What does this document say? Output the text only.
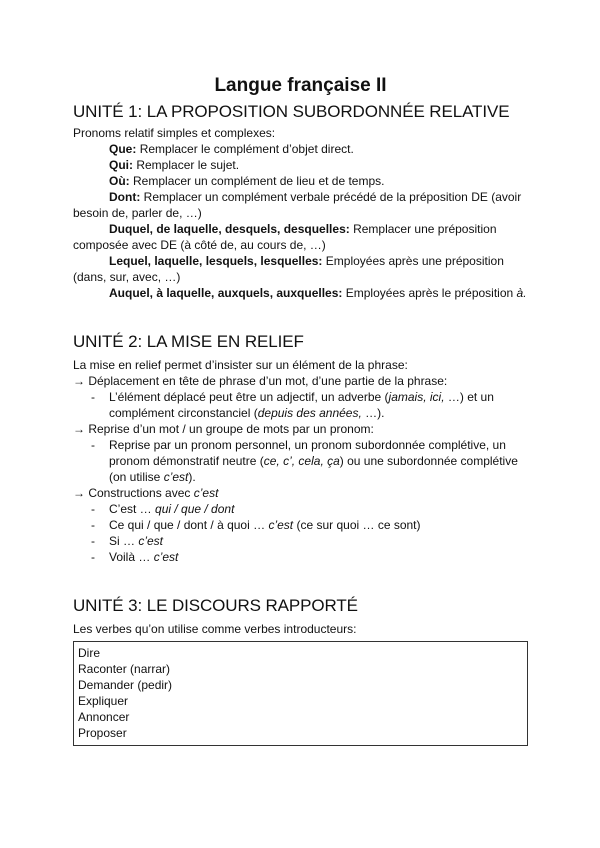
Langue française II
UNITÉ 1: LA PROPOSITION SUBORDONNÉE RELATIVE

Pronoms relatif simples et complexes:

Que: Remplacer le complément d’objet direct.

Qui: Remplacer le sujet.

Où: Remplacer un complément de lieu et de temps.

Dont: Remplacer un complément verbale précédé de la préposition DE (avoir besoin de, parler de, …)

Duquel, de laquelle, desquels, desquelles: Remplacer une préposition composée avec DE (à côté de, au cours de, …)

Lequel, laquelle, lesquels, lesquelles: Employées après une préposition (dans, sur, avec, …)

Auquel, à laquelle, auxquels, auxquelles: Employées après le préposition à.

UNITÉ 2: LA MISE EN RELIEF

La mise en relief permet d’insister sur un élément de la phrase:

→ Déplacement en tête de phrase d’un mot, d’une partie de la phrase:

- L’élément déplacé peut être un adjectif, un adverbe (jamais, ici, …) et un complément circonstanciel (depuis des années, …).

→ Reprise d’un mot / un groupe de mots par un pronom:

- Reprise par un pronom personnel, un pronom subordonnée complétive, un pronom démonstratif neutre (ce, c’, cela, ça) ou une subordonnée complétive (on utilise c’est).

→ Constructions avec c’est

- C’est … qui / que / dont
- Ce qui / que / dont / à quoi … c’est (ce sur quoi … ce sont)
- Si … c’est
- Voilà … c’est
UNITÉ 3: LE DISCOURS RAPPORTÉ

Les verbes qu’on utilise comme verbes introducteurs:

Dire
Raconter (narrar)
Demander (pedir)
Expliquer
Annoncer
Proposer
